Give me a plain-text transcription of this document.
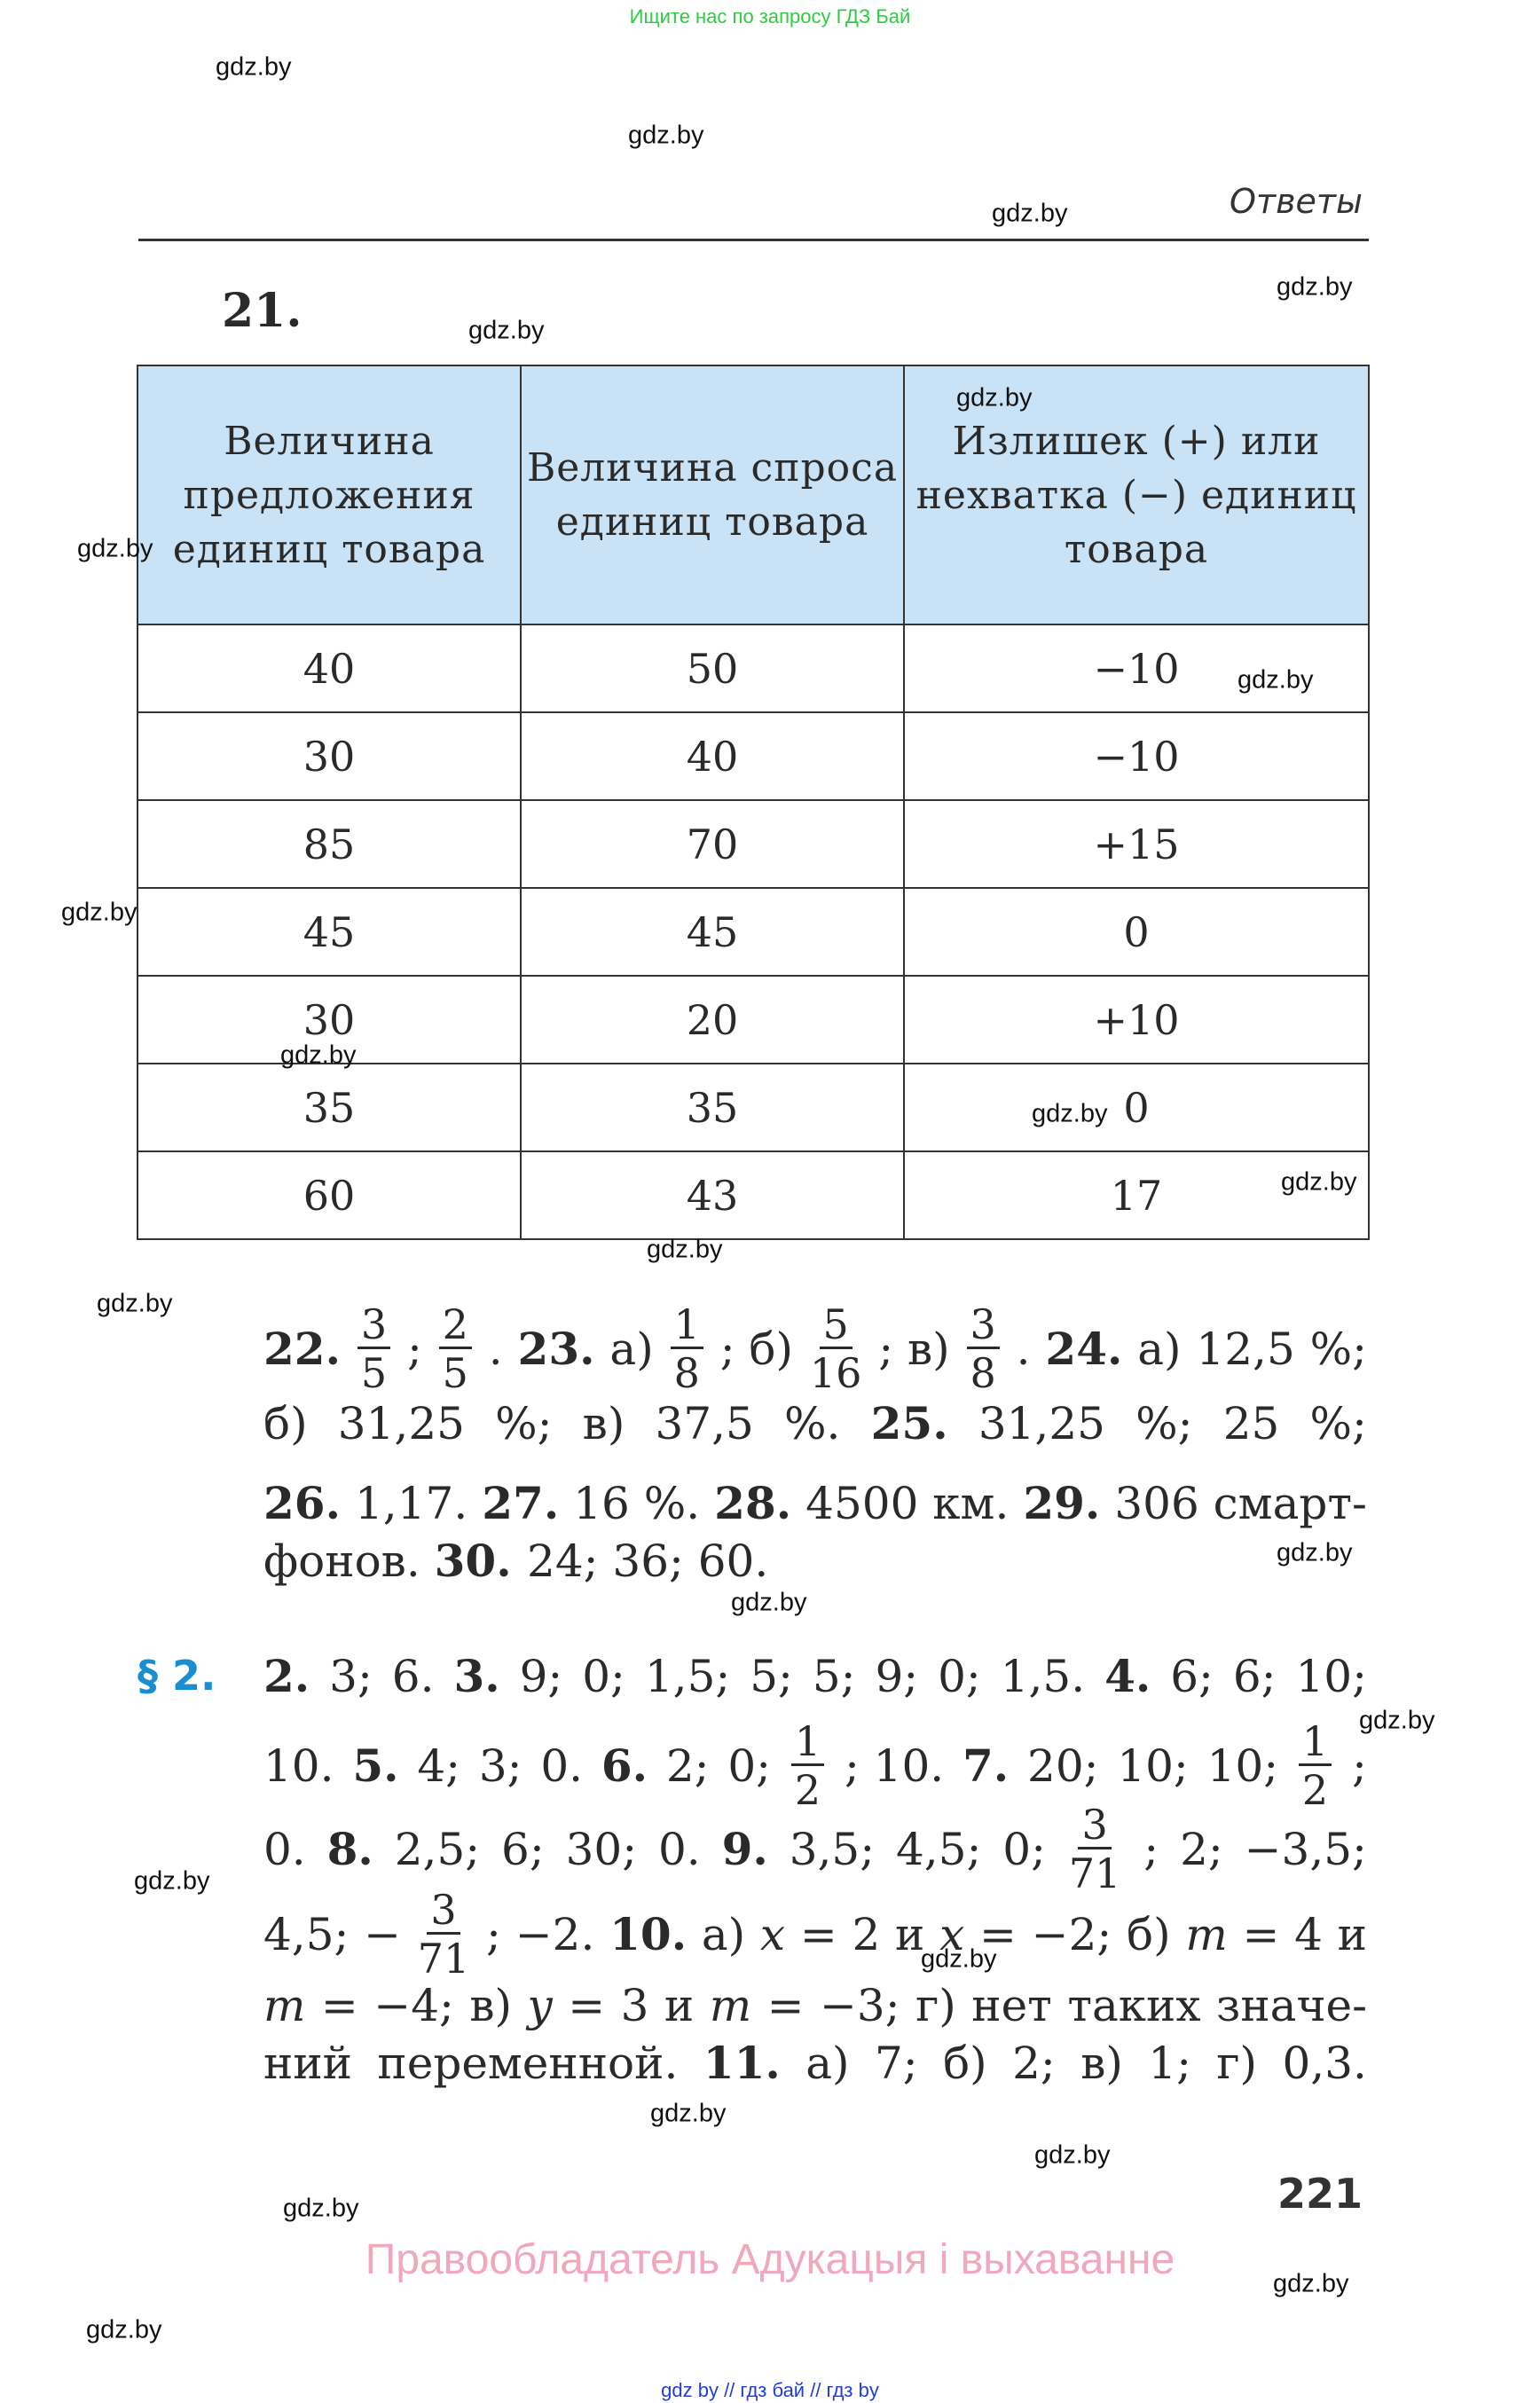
Ищите нас по запросу ГДЗ Бай
Ответы
21.
Величина предложения единиц товара	Величина спроса единиц товара	Излишек (+) или нехватка (−) единиц товара
40	50	−10
30	40	−10
85	70	+15
45	45	0
30	20	+10
35	35	0
60	43	17
22. $\frac{3}{5}$ ; $\frac{2}{5}$ . 23. $а) \frac{1}{8}$ ; $б) \frac{5}{16}$ ; $в) \frac{3}{8}$ . 24. а) 12,5 %;
б) 31,25 %; в) 37,5 %. 25. 31,25 %; 25 %;
26. 1,17. 27. 16 %. 28. 4500 км. 29. 306 смарт-
фонов. 30. 24; 36; 60.
§ 2. 2. 3; 6. 3. 9; 0; 1,5; 5; 5; 9; 0; 1,5. 4. 6; 6; 10;
10. 5. 4; 3; 0. 6. 2; 0; $\frac{1}{2}$ ; 10. 7. 20; 10; 10; $\frac{1}{2}$ ;
0. 8. 2,5; 6; 30; 0. 9. 3,5; 4,5; 0; $\frac{3}{71}$ ; 2; −3,5;
4,5; − $\frac{3}{71}$ ; −2. 10. а) x = 2 и x = −2; б) m = 4 и
m = −4; в) y = 3 и m = −3; г) нет таких значе-
ний переменной. 11. а) 7; б) 2; в) 1; г) 0,3.
221
Правообладатель Адукацыя і выхаванне
gdz by // гдз бай // гдз by
gdz.by
gdz.by
gdz.by
gdz.by
gdz.by
gdz.by
gdz.by
gdz.by
gdz.by
gdz.by
gdz.by
gdz.by
gdz.by
gdz.by
gdz.by
gdz.by
gdz.by
gdz.by
gdz.by
gdz.by
gdz.by
gdz.by
gdz.by
gdz.by
